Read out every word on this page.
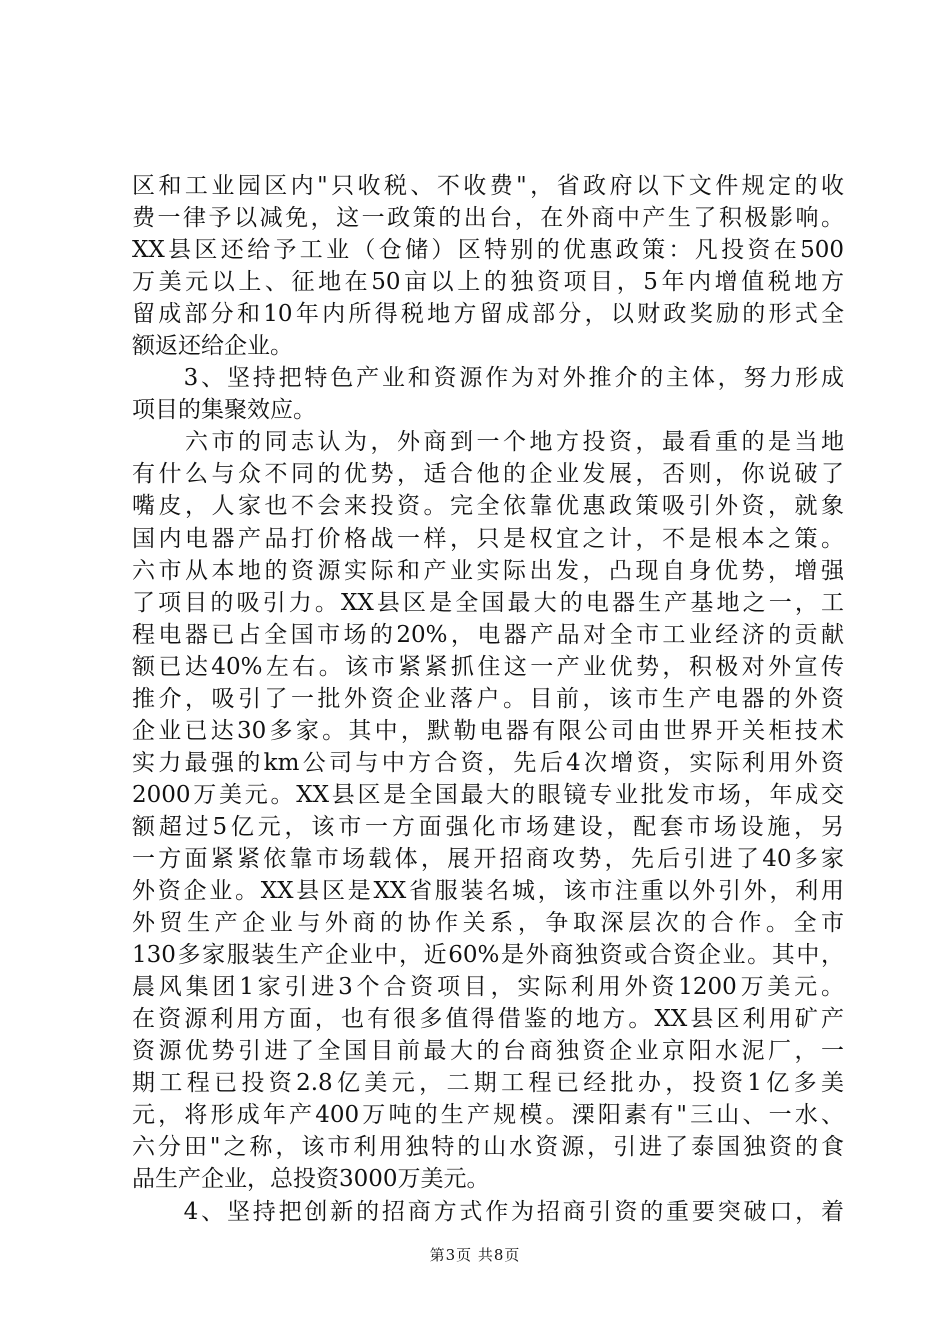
区和工业园区内"只收税、不收费"，省政府以下文件规定的收
费一律予以减免，这一政策的出台，在外商中产生了积极影响。
XX县区还给予工业（仓储）区特别的优惠政策：凡投资在500
万美元以上、征地在50亩以上的独资项目，5年内增值税地方
留成部分和10年内所得税地方留成部分，以财政奖励的形式全
额返还给企业。
　　3、坚持把特色产业和资源作为对外推介的主体，努力形成
项目的集聚效应。
　　六市的同志认为，外商到一个地方投资，最看重的是当地
有什么与众不同的优势，适合他的企业发展，否则，你说破了
嘴皮，人家也不会来投资。完全依靠优惠政策吸引外资，就象
国内电器产品打价格战一样，只是权宜之计，不是根本之策。
六市从本地的资源实际和产业实际出发，凸现自身优势，增强
了项目的吸引力。XX县区是全国最大的电器生产基地之一，工
程电器已占全国市场的20%，电器产品对全市工业经济的贡献
额已达40%左右。该市紧紧抓住这一产业优势，积极对外宣传
推介，吸引了一批外资企业落户。目前，该市生产电器的外资
企业已达30多家。其中，默勒电器有限公司由世界开关柜技术
实力最强的km公司与中方合资，先后4次增资，实际利用外资
2000万美元。XX县区是全国最大的眼镜专业批发市场，年成交
额超过5亿元，该市一方面强化市场建设，配套市场设施，另
一方面紧紧依靠市场载体，展开招商攻势，先后引进了40多家
外资企业。XX县区是XX省服装名城，该市注重以外引外，利用
外贸生产企业与外商的协作关系，争取深层次的合作。全市
130多家服装生产企业中，近60%是外商独资或合资企业。其中，
晨风集团1家引进3个合资项目，实际利用外资1200万美元。
在资源利用方面，也有很多值得借鉴的地方。XX县区利用矿产
资源优势引进了全国目前最大的台商独资企业京阳水泥厂，一
期工程已投资2.8亿美元，二期工程已经批办，投资1亿多美
元，将形成年产400万吨的生产规模。溧阳素有"三山、一水、
六分田"之称，该市利用独特的山水资源，引进了泰国独资的食
品生产企业，总投资3000万美元。
　　4、坚持把创新的招商方式作为招商引资的重要突破口，着
第3页 共8页
